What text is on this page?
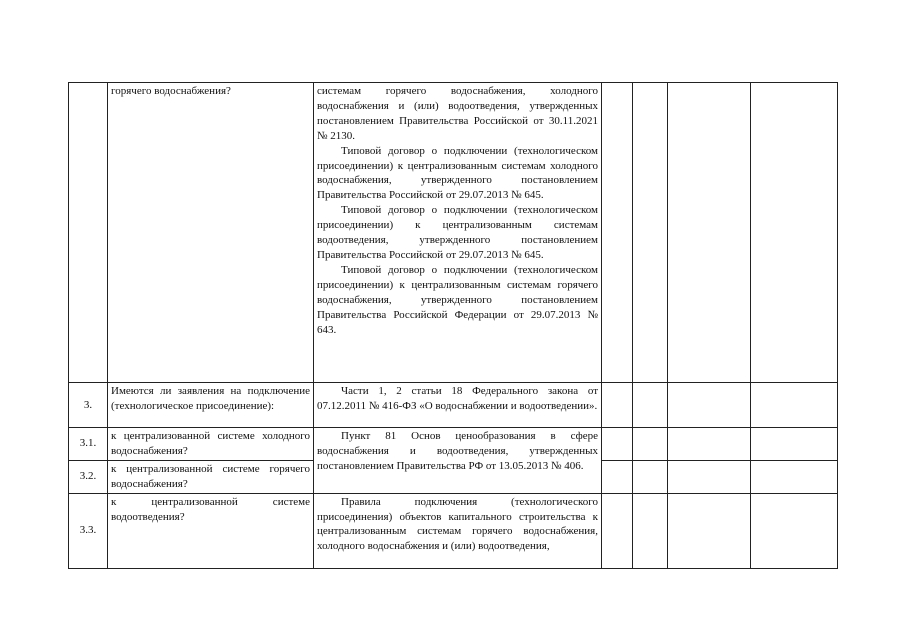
	горячего водоснабжения?	системам горячего водоснабжения, холодного водоснабжения и (или) водоотведения, утвержденных постановлением Правительства Российской от 30.11.2021 № 2130.

Типовой договор о подключении (технологическом присоединении) к централизованным системам холодного водоснабжения, утвержденного постановлением Правительства Российской от 29.07.2013 № 645.

Типовой договор о подключении (технологическом присоединении) к централизованным системам водоотведения, утвержденного постановлением Правительства Российской от 29.07.2013 № 645.

Типовой договор о подключении (технологическом присоединении) к централизованным системам горячего водоснабжения, утвержденного постановлением Правительства Российской Федерации от 29.07.2013 № 643.				

3.	Имеются ли заявления на подключение (технологическое присоединение):	Части 1, 2 статьи 18 Федерального закона от 07.12.2011 № 416-ФЗ «О водоснабжении и водоотведении».				

3.1.	к централизованной системе холодного водоснабжения?	Пункт 81 Основ ценообразования в сфере водоснабжения и водоотведения, утвержденных постановлением Правительства РФ от 13.05.2013 № 406.				

3.2.	к централизованной системе горячего водоснабжения?					
3.3.	к централизованной системе водоотведения?	Правила подключения (технологического присоединения) объектов капитального строительства к централизованным системам горячего водоснабжения, холодного водоснабжения и (или) водоотведения,				
